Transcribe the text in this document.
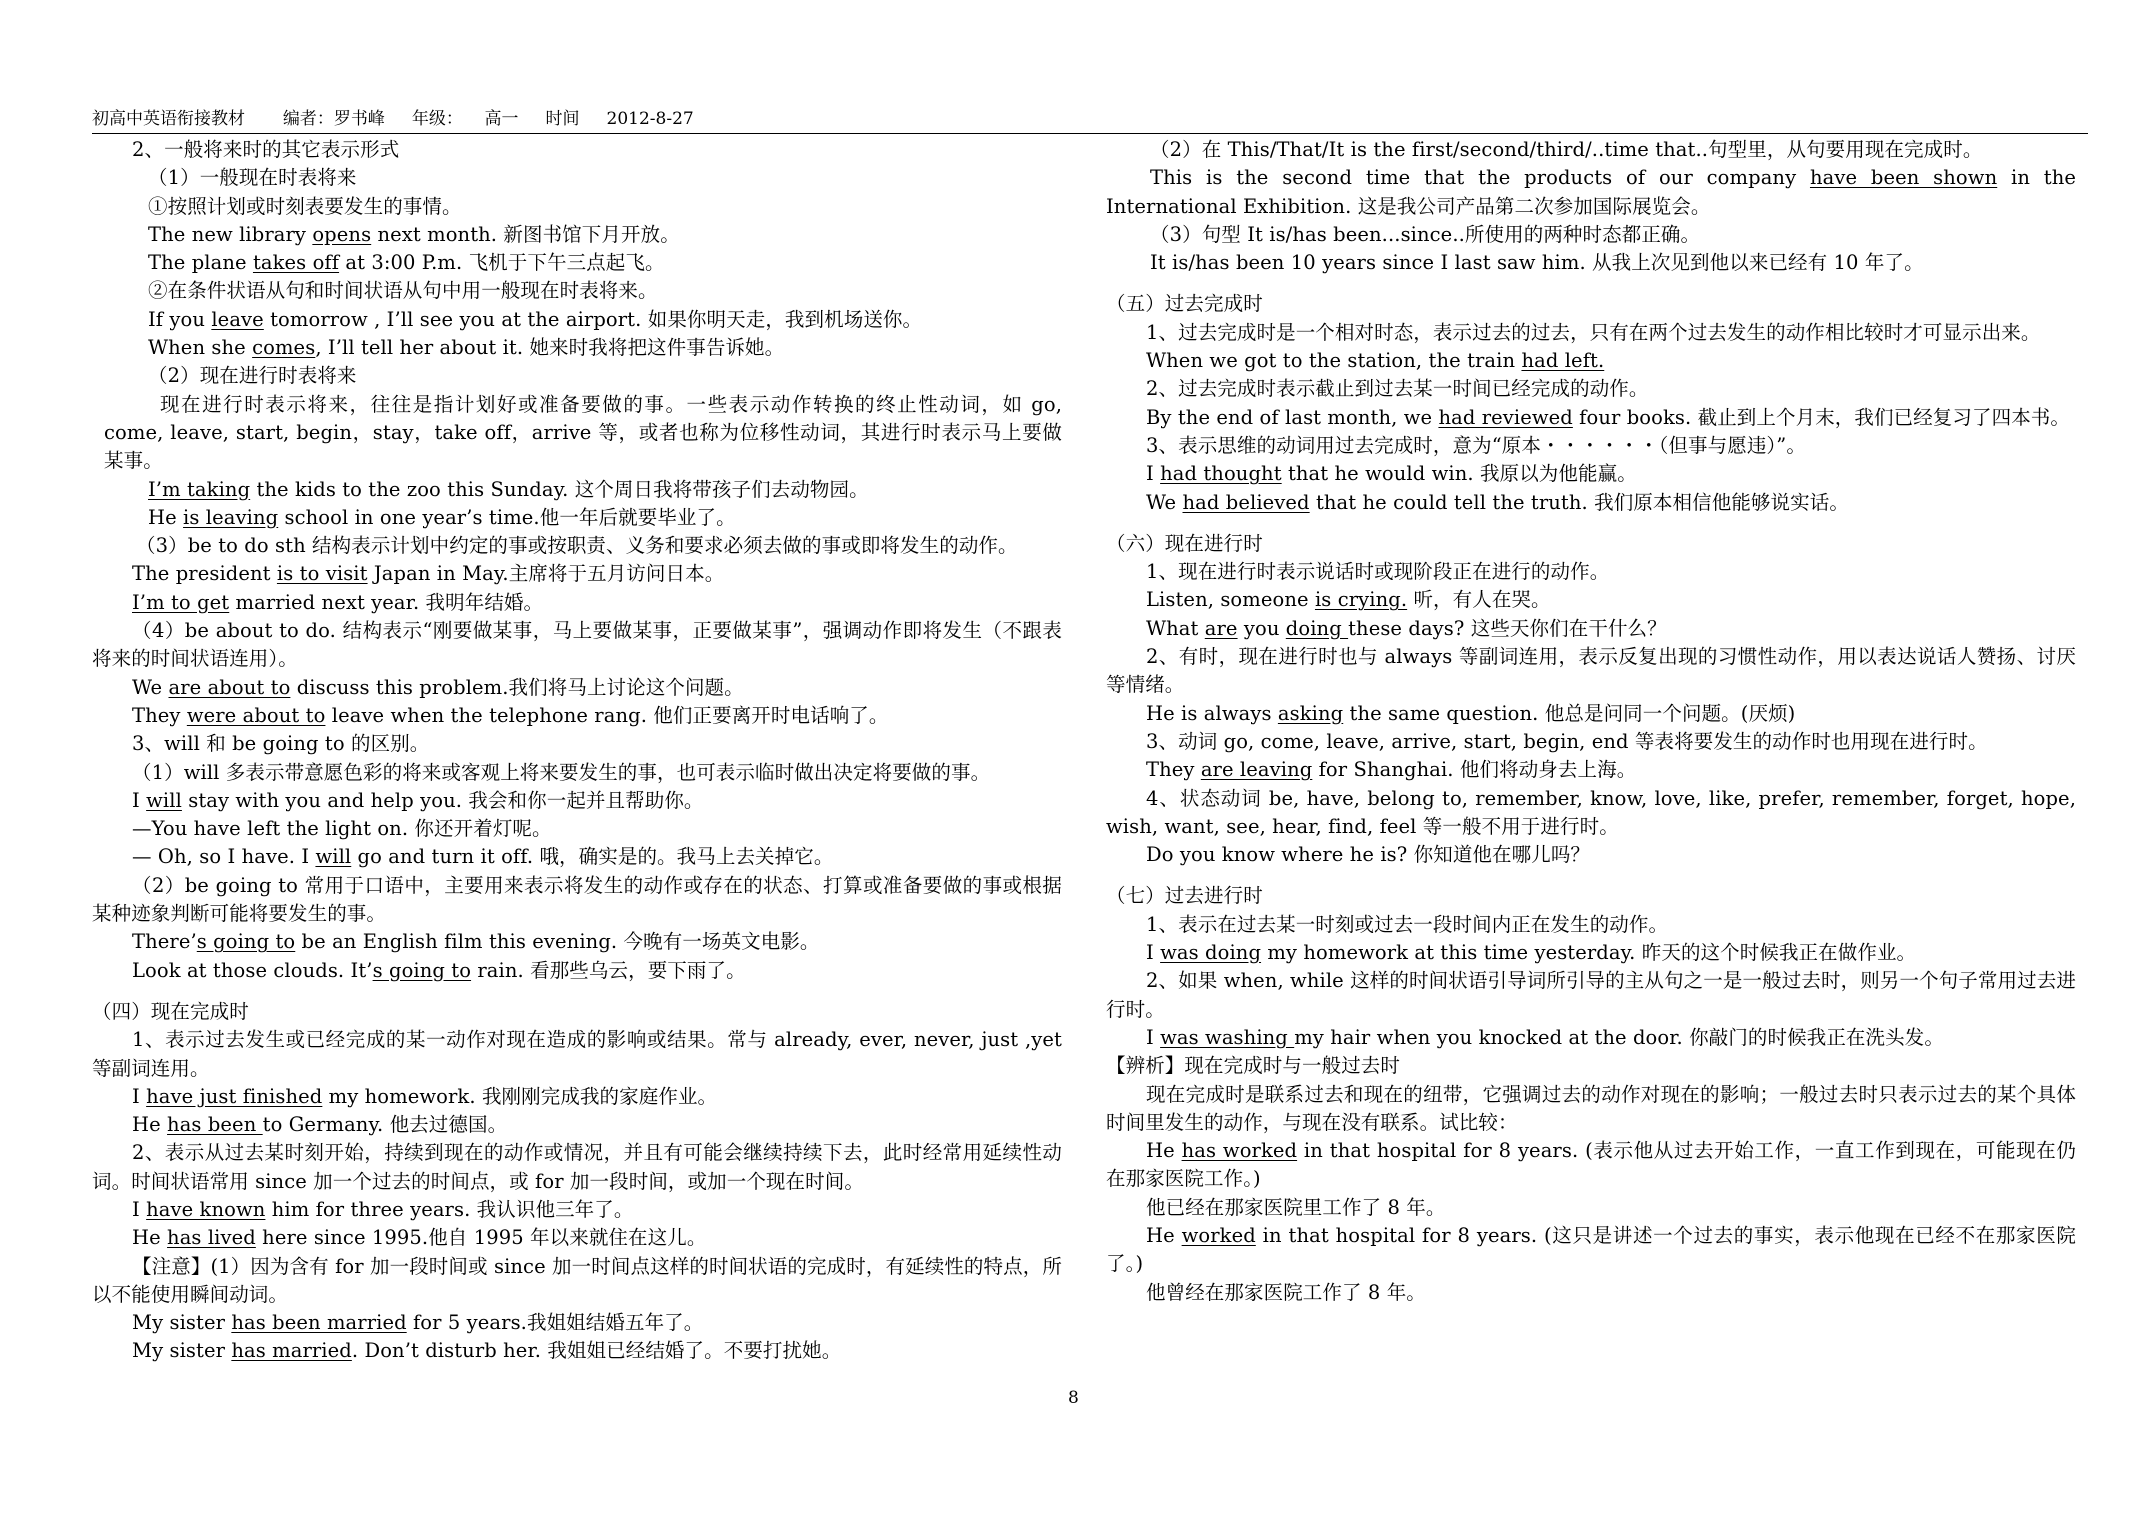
初高中英语衔接教材       编者：罗书峰     年级：    高一     时间     2012-8-27
2、一般将来时的其它表示形式
（1）一般现在时表将来
①按照计划或时刻表要发生的事情。
The new library opens next month. 新图书馆下月开放。
The plane takes off at 3:00 P.m. 飞机于下午三点起飞。
②在条件状语从句和时间状语从句中用一般现在时表将来。
If you leave tomorrow , I’ll see you at the airport. 如果你明天走，我到机场送你。
When she comes, I’ll tell her about it. 她来时我将把这件事告诉她。
（2）现在进行时表将来
现在进行时表示将来，往往是指计划好或准备要做的事。一些表示动作转换的终止性动词，如 go, come, leave, start, begin，stay，take off，arrive 等，或者也称为位移性动词，其进行时表示马上要做某事。
I’m taking the kids to the zoo this Sunday. 这个周日我将带孩子们去动物园。
He is leaving school in one year’s time.他一年后就要毕业了。
（3）be to do sth 结构表示计划中约定的事或按职责、义务和要求必须去做的事或即将发生的动作。
The president is to visit Japan in May.主席将于五月访问日本。
I’m to get married next year. 我明年结婚。
（4）be about to do. 结构表示“刚要做某事，马上要做某事，正要做某事”，强调动作即将发生（不跟表将来的时间状语连用）。
We are about to discuss this problem.我们将马上讨论这个问题。
They were about to leave when the telephone rang. 他们正要离开时电话响了。
3、will 和 be going to 的区别。
（1）will 多表示带意愿色彩的将来或客观上将来要发生的事，也可表示临时做出决定将要做的事。
I will stay with you and help you. 我会和你一起并且帮助你。
—You have left the light on. 你还开着灯呢。
— Oh, so I have. I will go and turn it off. 哦，确实是的。我马上去关掉它。
（2）be going to 常用于口语中，主要用来表示将发生的动作或存在的状态、打算或准备要做的事或根据某种迹象判断可能将要发生的事。
There’s going to be an English film this evening. 今晚有一场英文电影。
Look at those clouds. It’s going to rain. 看那些乌云，要下雨了。
（四）现在完成时
1、表示过去发生或已经完成的某一动作对现在造成的影响或结果。常与 already, ever, never, just ,yet 等副词连用。
I have just finished my homework. 我刚刚完成我的家庭作业。
He has been to Germany. 他去过德国。
2、表示从过去某时刻开始，持续到现在的动作或情况，并且有可能会继续持续下去，此时经常用延续性动词。时间状语常用 since 加一个过去的时间点，或 for 加一段时间，或加一个现在时间。
I have known him for three years. 我认识他三年了。
He has lived here since 1995.他自 1995 年以来就住在这儿。
【注意】(1）因为含有 for 加一段时间或 since 加一时间点这样的时间状语的完成时，有延续性的特点，所以不能使用瞬间动词。
My sister has been married for 5 years.我姐姐结婚五年了。
My sister has married. Don’t disturb her. 我姐姐已经结婚了。不要打扰她。
（2）在 This/That/It is the first/second/third/..time that..句型里，从句要用现在完成时。
This is the second time that the products of our company have been shown in the International Exhibition. 这是我公司产品第二次参加国际展览会。
（3）句型 It is/has been...since..所使用的两种时态都正确。
It is/has been 10 years since I last saw him. 从我上次见到他以来已经有 10 年了。
（五）过去完成时
1、过去完成时是一个相对时态，表示过去的过去，只有在两个过去发生的动作相比较时才可显示出来。
When we got to the station, the train had left.
2、过去完成时表示截止到过去某一时间已经完成的动作。
By the end of last month, we had reviewed four books. 截止到上个月末，我们已经复习了四本书。
3、表示思维的动词用过去完成时，意为“原本・・・・・・（但事与愿违）”。
I had thought that he would win. 我原以为他能赢。
We had believed that he could tell the truth. 我们原本相信他能够说实话。
（六）现在进行时
1、现在进行时表示说话时或现阶段正在进行的动作。
Listen, someone is crying. 听，有人在哭。
What are you doing these days? 这些天你们在干什么？
2、有时，现在进行时也与 always 等副词连用，表示反复出现的习惯性动作，用以表达说话人赞扬、讨厌等情绪。
He is always asking the same question. 他总是问同一个问题。(厌烦)
3、动词 go, come, leave, arrive, start, begin, end 等表将要发生的动作时也用现在进行时。
They are leaving for Shanghai. 他们将动身去上海。
4、状态动词 be, have, belong to, remember, know, love, like, prefer, remember, forget, hope, wish, want, see, hear, find, feel 等一般不用于进行时。
Do you know where he is? 你知道他在哪儿吗？
（七）过去进行时
1、表示在过去某一时刻或过去一段时间内正在发生的动作。
I was doing my homework at this time yesterday. 昨天的这个时候我正在做作业。
2、如果 when, while 这样的时间状语引导词所引导的主从句之一是一般过去时，则另一个句子常用过去进行时。
I was washing my hair when you knocked at the door. 你敲门的时候我正在洗头发。
【辨析】现在完成时与一般过去时
现在完成时是联系过去和现在的纽带，它强调过去的动作对现在的影响；一般过去时只表示过去的某个具体时间里发生的动作，与现在没有联系。试比较：
He has worked in that hospital for 8 years. (表示他从过去开始工作，一直工作到现在，可能现在仍在那家医院工作。)
他已经在那家医院里工作了 8 年。
He worked in that hospital for 8 years. (这只是讲述一个过去的事实，表示他现在已经不在那家医院了。)
他曾经在那家医院工作了 8 年。
8
